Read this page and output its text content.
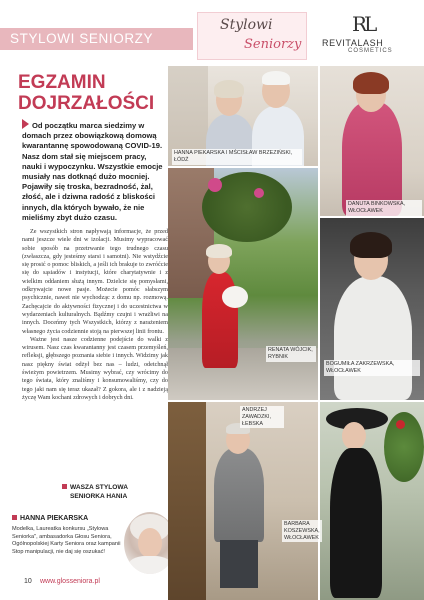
STYLOWI SENIORZY
Stylowi
Seniorzy
RL
REVITALASH
COSMETICS
EGZAMIN
DOJRZAŁOŚCI
Od początku marca siedzimy w domach przez obowiązkową domową kwarantannę spowodowaną COVID-19. Nasz dom stał się miejscem pracy, nauki i wypoczynku. Wszystkie emocje musiały nas dotknąć dużo mocniej. Pojawiły się troska, bezradność, żal, złość, ale i dziwna radość z bliskości innych, dla których bywało, że nie mieliśmy zbyt dużo czasu.

Ze wszystkich stron napływają informacje, że przed nami jeszcze wiele dni w izolacji. Musimy wypracować sobie sposób na przetrwanie tego trudnego czasu (zwłaszcza, gdy jesteśmy starsi i samotni). Nie wstydźcie się prosić o pomoc bliskich, a jeśli ich brakuje to zwróćcie się do sąsiadów i instytucji, które charytatywnie i z wielkim oddaniem służą innym. Dzielcie się pomysłami, odkrywajcie nowe pasje. Możecie pomóc słabszym psychicznie, nawet nie wychodząc z domu np. rozmową. Zachęcajcie do aktywności fizycznej i do uczestnictwa w wydarzeniach kulturalnych. Bądźmy czujni i wrażliwi na innych. Doceńmy tych Wszystkich, którzy z narażeniem własnego życia codziennie stoją na pierwszej linii frontu.

Ważne jest nasze codzienne podejście do walki z wirusem. Nasz czas kwarantanny jest czasem przemyśleń, refleksji, głębszego poznania siebie i innych. Widzimy jak nasz piękny świat odżył bez nas – ludzi, odetchnął świeżym powietrzem. Musimy wybrać, czy wrócimy do tego świata, który znaliśmy i konsumowaliśmy, czy do tego jaki nam się teraz ukazał? Z gokora, ale i z nadzieją życzę Wam kochani zdrowych i dobrych dni.

WASZA STYLOWA
SENIORKA HANIA
HANNA PIEKARSKA
Modelka, Laureatka konkursu „Stylowa Seniorka", ambasadorka Głosu Seniora, Ogólnopolskiej Karty Seniora oraz kampanii Stop manipulacji, nie daj się oszukać!
10 www.glosseniora.pl
HANNA PIEKARSKA I MŚCISŁAW BRZEZIŃSKI, ŁÓDŹ
DANUTA BINKOWSKA, WŁOCŁAWEK
RENATA WÓJCIK, RYBNIK
BOGUMIŁA ZAKRZEWSKA, WŁOCŁAWEK
ANDRZEJ ZAWADZKI, ŁEBSKA
BARBARA KOSZEWSKA, WŁOCŁAWEK
